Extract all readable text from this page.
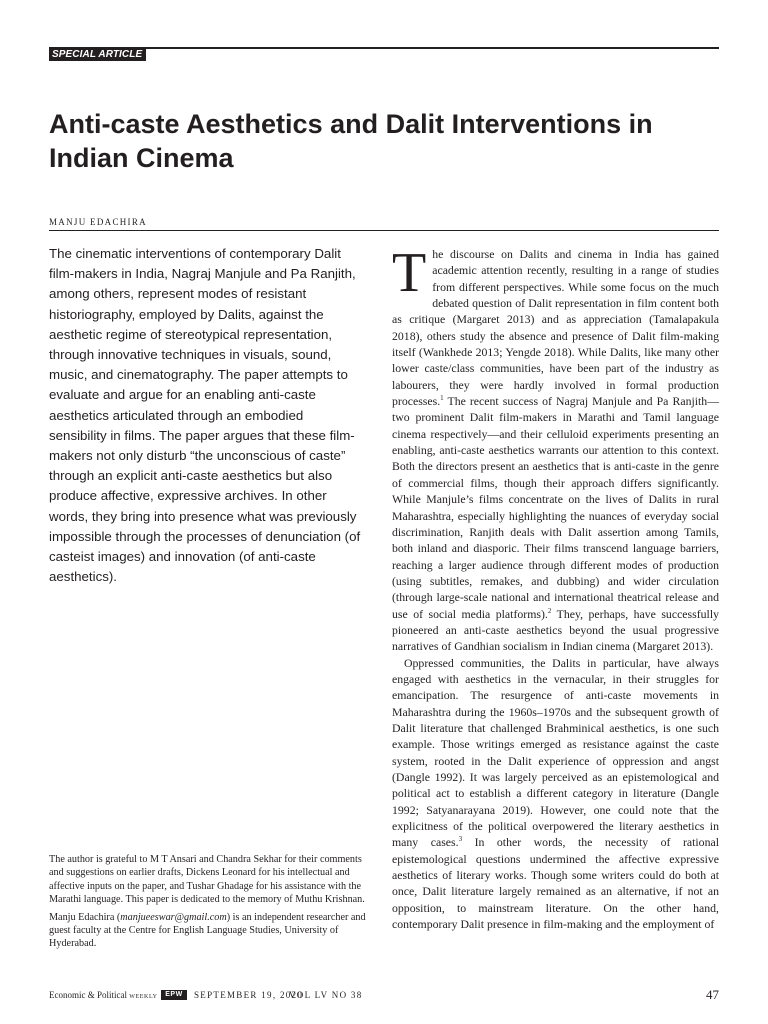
SPECIAL ARTICLE
Anti-caste Aesthetics and Dalit Interventions in Indian Cinema
MANJU EDACHIRA

The cinematic interventions of contemporary Dalit film-makers in India, Nagraj Manjule and Pa Ranjith, among others, represent modes of resistant historiography, employed by Dalits, against the aesthetic regime of stereotypical representation, through innovative techniques in visuals, sound, music, and cinematography. The paper attempts to evaluate and argue for an enabling anti-caste aesthetics articulated through an embodied sensibility in films. The paper argues that these film-makers not only disturb “the unconscious of caste” through an explicit anti-caste aesthetics but also produce affective, expressive archives. In other words, they bring into presence what was previously impossible through the processes of denunciation (of casteist images) and innovation (of anti-caste aesthetics).

The author is grateful to M T Ansari and Chandra Sekhar for their comments and suggestions on earlier drafts, Dickens Leonard for his intellectual and affective inputs on the paper, and Tushar Ghadage for his assistance with the Marathi language. This paper is dedicated to the memory of Muthu Krishnan.

Manju Edachira (manjueeswar@gmail.com) is an independent researcher and guest faculty at the Centre for English Language Studies, University of Hyderabad.

The discourse on Dalits and cinema in India has gained academic attention recently, resulting in a range of studies from different perspectives. While some focus on the much debated question of Dalit representation in film content both as critique (Margaret 2013) and as appreciation (Tamalapakula 2018), others study the absence and presence of Dalit film-making itself (Wankhede 2013; Yengde 2018). While Dalits, like many other lower caste/class communities, have been part of the industry as labourers, they were hardly involved in formal production processes.$^1$ The recent success of Nagraj Manjule and Pa Ranjith—two prominent Dalit film-makers in Marathi and Tamil language cinema respectively—and their celluloid experiments presenting an enabling, anti-caste aesthetics warrants our attention to this context. Both the directors present an aesthetics that is anti-caste in the genre of commercial films, though their approach differs significantly. While Manjule’s films concentrate on the lives of Dalits in rural Maharashtra, especially highlighting the nuances of everyday social discrimination, Ranjith deals with Dalit assertion among Tamils, both inland and diasporic. Their films transcend language barriers, reaching a larger audience through different modes of production (using subtitles, remakes, and dubbing) and wider circulation (through large-scale national and international theatrical release and use of social media platforms).$^2$ They, perhaps, have successfully pioneered an anti-caste aesthetics beyond the usual progressive narratives of Gandhian socialism in Indian cinema (Margaret 2013).

Oppressed communities, the Dalits in particular, have always engaged with aesthetics in the vernacular, in their struggles for emancipation. The resurgence of anti-caste movements in Maharashtra during the 1960s–1970s and the subsequent growth of Dalit literature that challenged Brahminical aesthetics, is one such example. Those writings emerged as resistance against the caste system, rooted in the Dalit experience of oppression and angst (Dangle 1992). It was largely perceived as an epistemological and political act to establish a different category in literature (Dangle 1992; Satyanarayana 2019). However, one could note that the explicitness of the political overpowered the literary aesthetics in many cases.$^3$ In other words, the necessity of rational epistemological questions undermined the affective expressive aesthetics of literary works. Though some writers could do both at once, Dalit literature largely remained as an alternative, if not an opposition, to mainstream literature. On the other hand, contemporary Dalit presence in film-making and the employment of

Economic & Political weekly	EPW	SEPTEMBER 19, 2020
VOL LV NO 38	47
